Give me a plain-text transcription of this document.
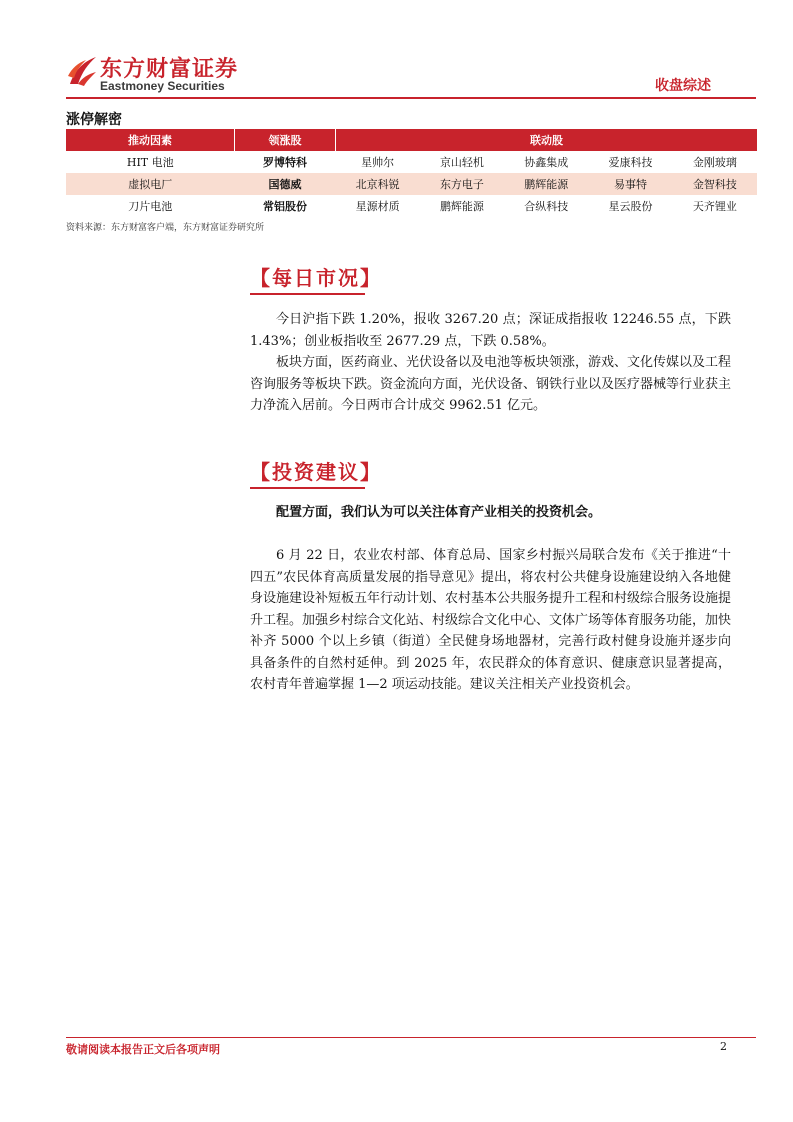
东方财富证券
Eastmoney Securities	收盘综述
涨停解密
推动因素	领涨股	联动股				
HIT 电池	罗博特科	星帅尔	京山轻机	协鑫集成	爱康科技	金刚玻璃
虚拟电厂	国德威	北京科锐	东方电子	鹏辉能源	易事特	金智科技
刀片电池	常铝股份	星源材质	鹏辉能源	合纵科技	星云股份	天齐锂业
资料来源：东方财富客户端，东方财富证券研究所
【每日市况】

今日沪指下跌 1.20%，报收 3267.20 点；深证成指报收 12246.55 点，下跌 1.43%；创业板指收至 2677.29 点，下跌 0.58%。

板块方面，医药商业、光伏设备以及电池等板块领涨，游戏、文化传媒以及工程咨询服务等板块下跌。资金流向方面，光伏设备、钢铁行业以及医疗器械等行业获主力净流入居前。今日两市合计成交 9962.51 亿元。

【投资建议】

配置方面，我们认为可以关注体育产业相关的投资机会。

6 月 22 日，农业农村部、体育总局、国家乡村振兴局联合发布《关于推进“十四五”农民体育高质量发展的指导意见》提出，将农村公共健身设施建设纳入各地健身设施建设补短板五年行动计划、农村基本公共服务提升工程和村级综合服务设施提升工程。加强乡村综合文化站、村级综合文化中心、文体广场等体育服务功能，加快补齐 5000 个以上乡镇（街道）全民健身场地器材，完善行政村健身设施并逐步向具备条件的自然村延伸。到 2025 年，农民群众的体育意识、健康意识显著提高，农村青年普遍掌握 1—2 项运动技能。建议关注相关产业投资机会。

敬请阅读本报告正文后各项声明	2
